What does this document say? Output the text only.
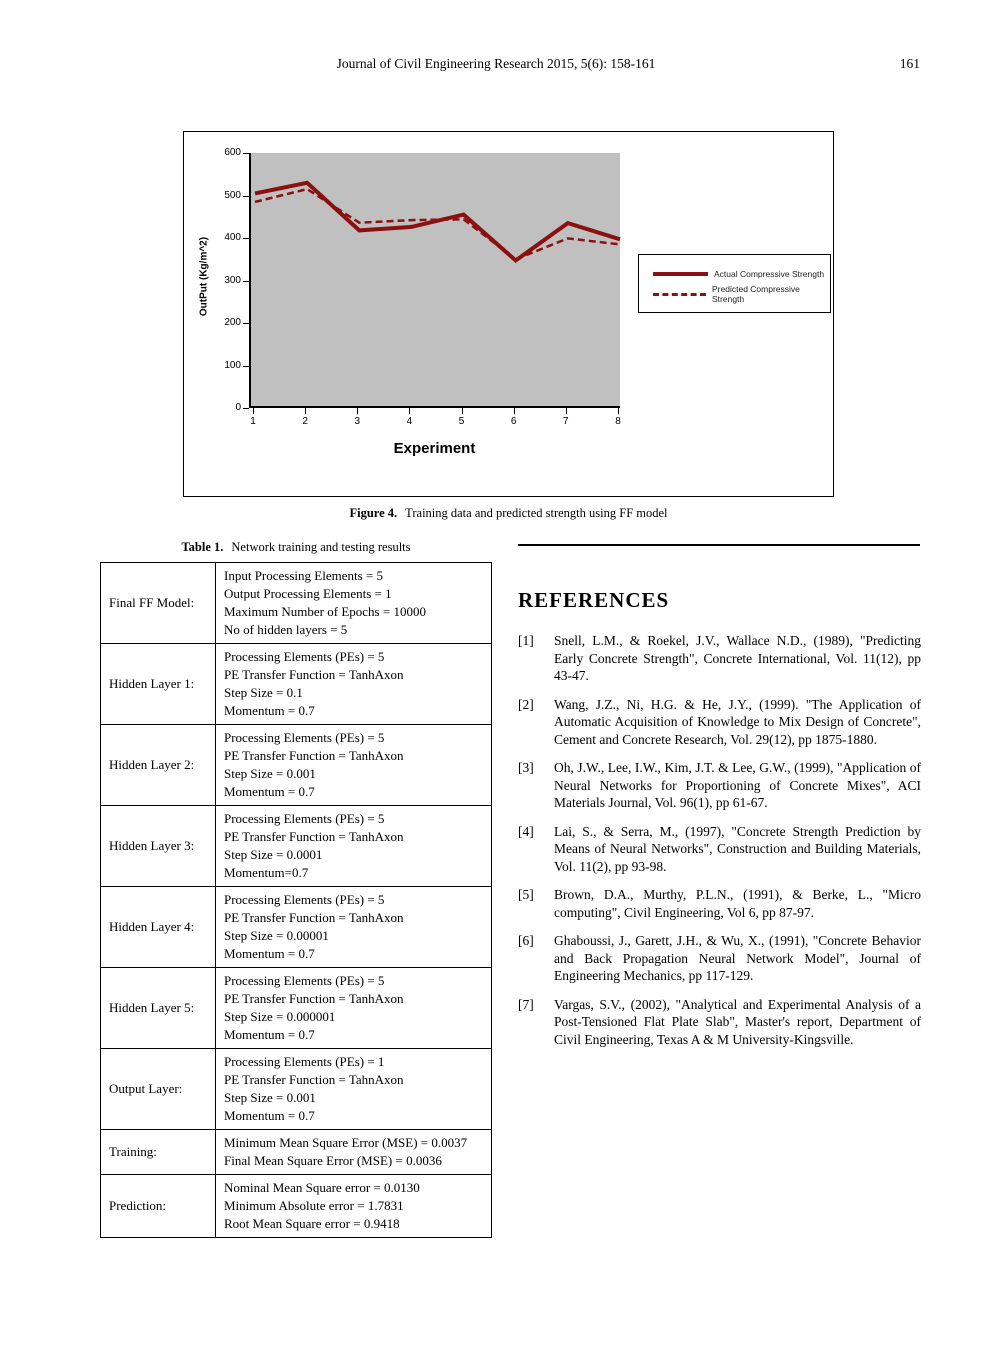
Journal of Civil Engineering Research 2015, 5(6): 158-161	161
OutPut (Kg/m^2)
0
100
200
300
400
500
600
1	2	3	4	5	6	7	8
Experiment
Actual Compressive Strength
Predicted Compressive Strength
Figure 4. Training data and predicted strength using FF model
Table 1. Network training and testing results
Final FF Model:	Input Processing Elements = 5
Output Processing Elements = 1
Maximum Number of Epochs = 10000
No of hidden layers = 5

Hidden Layer 1:	Processing Elements (PEs) = 5
PE Transfer Function = TanhAxon
Step Size = 0.1
Momentum = 0.7

Hidden Layer 2:	Processing Elements (PEs) = 5
PE Transfer Function = TanhAxon
Step Size = 0.001
Momentum = 0.7

Hidden Layer 3:	Processing Elements (PEs) = 5
PE Transfer Function = TanhAxon
Step Size = 0.0001
Momentum=0.7

Hidden Layer 4:	Processing Elements (PEs) = 5
PE Transfer Function = TanhAxon
Step Size = 0.00001
Momentum = 0.7

Hidden Layer 5:	Processing Elements (PEs) = 5
PE Transfer Function = TanhAxon
Step Size = 0.000001
Momentum = 0.7

Output Layer:	Processing Elements (PEs) = 1
PE Transfer Function = TahnAxon
Step Size = 0.001
Momentum = 0.7

Training:	Minimum Mean Square Error (MSE) = 0.0037
Final Mean Square Error (MSE) = 0.0036

Prediction:	Nominal Mean Square error = 0.0130
Minimum Absolute error = 1.7831
Root Mean Square error = 0.9418
REFERENCES
[1] Snell, L.M., & Roekel, J.V., Wallace N.D., (1989), "Predicting Early Concrete Strength", Concrete International, Vol. 11(12), pp 43-47.
[2] Wang, J.Z., Ni, H.G. & He, J.Y., (1999). "The Application of Automatic Acquisition of Knowledge to Mix Design of Concrete", Cement and Concrete Research, Vol. 29(12), pp 1875-1880.
[3] Oh, J.W., Lee, I.W., Kim, J.T. & Lee, G.W., (1999), "Application of Neural Networks for Proportioning of Concrete Mixes", ACI Materials Journal, Vol. 96(1), pp 61-67.
[4] Lai, S., & Serra, M., (1997), "Concrete Strength Prediction by Means of Neural Networks", Construction and Building Materials, Vol. 11(2), pp 93-98.
[5] Brown, D.A., Murthy, P.L.N., (1991), & Berke, L., "Micro computing", Civil Engineering, Vol 6, pp 87-97.
[6] Ghaboussi, J., Garett, J.H., & Wu, X., (1991), "Concrete Behavior and Back Propagation Neural Network Model", Journal of Engineering Mechanics, pp 117-129.
[7] Vargas, S.V., (2002), "Analytical and Experimental Analysis of a Post-Tensioned Flat Plate Slab", Master's report, Department of Civil Engineering, Texas A & M University-Kingsville.
